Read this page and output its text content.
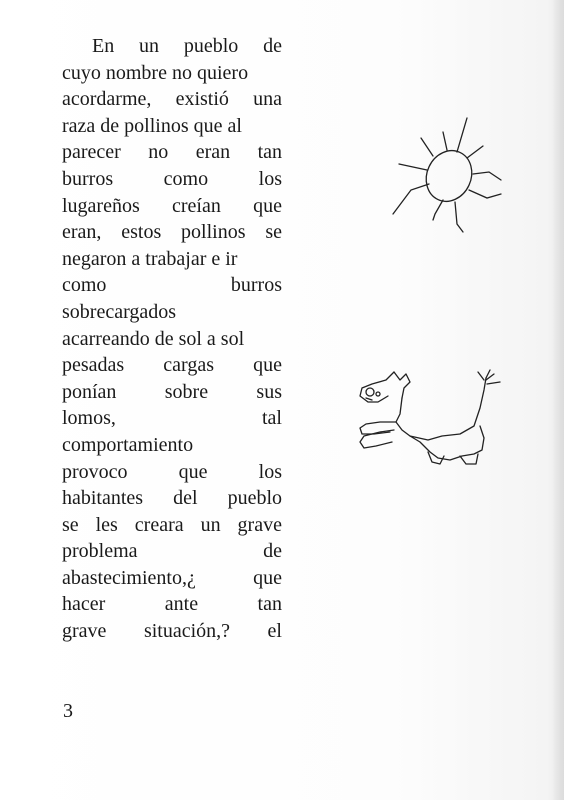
En un pueblo de
cuyo nombre no quiero
acordarme, existió una
raza de pollinos que al
parecer no eran tan
burros	como	los
lugareños creían que
eran, estos pollinos se
negaron a trabajar e ir
como	burros
sobrecargados
acarreando de sol a sol
pesadas cargas que
ponían sobre sus
lomos,	tal
comportamiento
provoco	que	los
habitantes del pueblo
se les creara un grave
problema	de
abastecimiento,¿	que
hacer	ante	tan
grave situación,? el
3
